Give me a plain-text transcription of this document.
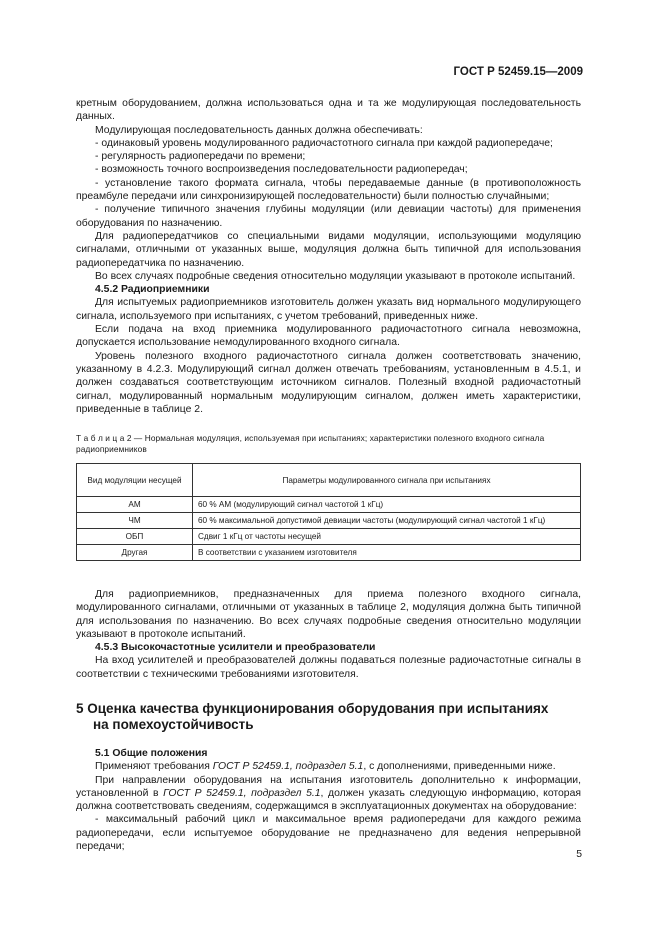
ГОСТ Р 52459.15—2009

кретным оборудованием, должна использоваться одна и та же модулирующая последовательность данных.

Модулирующая последовательность данных должна обеспечивать:

- одинаковый уровень модулированного радиочастотного сигнала при каждой радиопередаче;

- регулярность радиопередачи по времени;

- возможность точного воспроизведения последовательности радиопередач;

- установление такого формата сигнала, чтобы передаваемые данные (в противоположность преамбуле передачи или синхронизирующей последовательности) были полностью случайными;

- получение типичного значения глубины модуляции (или девиации частоты) для применения оборудования по назначению.

Для радиопередатчиков со специальными видами модуляции, использующими модуляцию сигналами, отличными от указанных выше, модуляция должна быть типичной для использования радиопередатчика по назначению.

Во всех случаях подробные сведения относительно модуляции указывают в протоколе испытаний.

4.5.2 Радиоприемники

Для испытуемых радиоприемников изготовитель должен указать вид нормального модулирующего сигнала, используемого при испытаниях, с учетом требований, приведенных ниже.

Если подача на вход приемника модулированного радиочастотного сигнала невозможна, допускается использование немодулированного входного сигнала.

Уровень полезного входного радиочастотного сигнала должен соответствовать значению, указанному в 4.2.3. Модулирующий сигнал должен отвечать требованиям, установленным в 4.5.1, и должен создаваться соответствующим источником сигналов. Полезный входной радиочастотный сигнал, модулированный нормальным модулирующим сигналом, должен иметь характеристики, приведенные в таблице 2.

Т а б л и ц а 2 — Нормальная модуляция, используемая при испытаниях; характеристики полезного входного сигнала радиоприемников
Вид модуляции несущей	Параметры модулированного сигнала при испытаниях
АМ	60 % АМ (модулирующий сигнал частотой 1 кГц)
ЧМ	60 % максимальной допустимой девиации частоты (модулирующий сигнал частотой 1 кГц)
ОБП	Сдвиг 1 кГц от частоты несущей
Другая	В соответствии с указанием изготовителя

Для радиоприемников, предназначенных для приема полезного входного сигнала, модулированного сигналами, отличными от указанных в таблице 2, модуляция должна быть типичной для использования по назначению. Во всех случаях подробные сведения относительно модуляции указывают в протоколе испытаний.

4.5.3 Высокочастотные усилители и преобразователи

На вход усилителей и преобразователей должны подаваться полезные радиочастотные сигналы в соответствии с техническими требованиями изготовителя.

5 Оценка качества функционирования оборудования при испытаниях
на помехоустойчивость

5.1 Общие положения

Применяют требования ГОСТ Р 52459.1, подраздел 5.1, с дополнениями, приведенными ниже.

При направлении оборудования на испытания изготовитель дополнительно к информации, установленной в ГОСТ Р 52459.1, подраздел 5.1, должен указать следующую информацию, которая должна соответствовать сведениям, содержащимся в эксплуатационных документах на оборудование:

- максимальный рабочий цикл и максимальное время радиопередачи для каждого режима радиопередачи, если испытуемое оборудование не предназначено для ведения непрерывной передачи;

5
